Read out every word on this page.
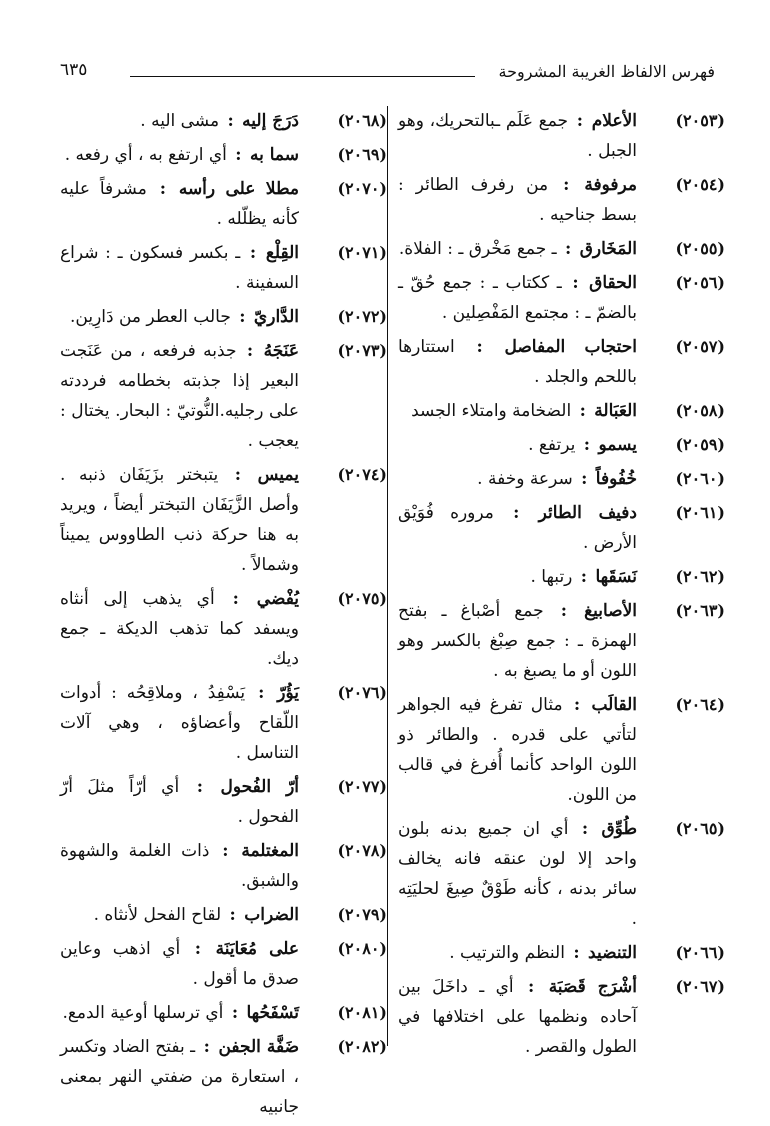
فهرس الالفاظ الغريبة المشروحة
٦٣٥
(٢٠٥٣)
الأعلام : جمع عَلَم ـبالتحريك، وهو الجبل .
(٢٠٥٤)
مرفوفة : من رفرف الطائر : بسط جناحيه .
(٢٠٥٥)
المَخَارق : ـ جمع مَخْرق ـ : الفلاة.
(٢٠٥٦)
الحقاق : ـ ككتاب ـ : جمع حُقّ ـ بالضمّ ـ : مجتمع المَفْصِلين .
(٢٠٥٧)
احتجاب المفاصل : استتارها باللحم والجلد .
(٢٠٥٨)
العَبَالة : الضخامة وامتلاء الجسد
(٢٠٥٩)
يسمو : يرتفع .
(٢٠٦٠)
خُفُوفاً : سرعة وخفة .
(٢٠٦١)
دفيف الطائر : مروره فُوَيْق الأرض .
(٢٠٦٢)
نَسَقَها : رتبها .
(٢٠٦٣)
الأصابيغ : جمع أصْباغ ـ بفتح الهمزة ـ : جمع صِبْغ بالكسر وهو اللون أو ما يصبغ به .
(٢٠٦٤)
القالَب : مثال تفرغ فيه الجواهر لتأتي على قدره . والطائر ذو اللون الواحد كأنما أُفرغ في قالب من اللون.
(٢٠٦٥)
طُوِّق : أي ان جميع بدنه بلون واحد إلا لون عنقه فانه يخالف سائر بدنه ، كأنه طَوْقٌ صِيغَ لحليَتِه .
(٢٠٦٦)
التنضيد : النظم والترتيب .
(٢٠٦٧)
أشْرَج قَصَبَة : أي ـ داخَلَ بين آحاده ونظمها على اختلافها في الطول والقصر .
(٢٠٦٨)
دَرَجَ إليه : مشى اليه .
(٢٠٦٩)
سما به : أي ارتفع به ، أي رفعه .
(٢٠٧٠)
مطلا على رأسه : مشرفاً عليه كأنه يظلّله .
(٢٠٧١)
القِلْع : ـ بكسر فسكون ـ : شراع السفينة .
(٢٠٧٢)
الدَّاريّ : جالب العطر من دَارِين.
(٢٠٧٣)
عَنَجَهُ : جذبه فرفعه ، من عَنَجت البعير إذا جذبته بخطامه فرددته على رجليه.النُّوتيّ : البحار. يختال : يعجب .
(٢٠٧٤)
يميس : يتبختر بزَيَفَان ذنبه . وأصل الزَّيَفَان التبختر أيضاً ، ويريد به هنا حركة ذنب الطاووس يميناً وشمالاً .
(٢٠٧٥)
يُفْضي : أي يذهب إلى أنثاه ويسفد كما تذهب الديكة ـ جمع ديك.
(٢٠٧٦)
يَؤُرّ : يَسْفِدُ ، وملاقِحُه : أدوات اللّقاح وأعضاؤه ، وهي آلات التناسل .
(٢٠٧٧)
أرّ الفُحول : أي أرّاً مثلَ أرّ الفحول .
(٢٠٧٨)
المغتلمة : ذات الغلمة والشهوة والشبق.
(٢٠٧٩)
الضراب : لقاح الفحل لأنثاه .
(٢٠٨٠)
على مُعَايَنَة : أي اذهب وعاين صدق ما أقول .
(٢٠٨١)
تَسْفَحُها : أي ترسلها أوعية الدمع.
(٢٠٨٢)
ضَفَّة الجفن : ـ بفتح الضاد وتكسر ، استعارة من ضفتي النهر بمعنى جانبيه
